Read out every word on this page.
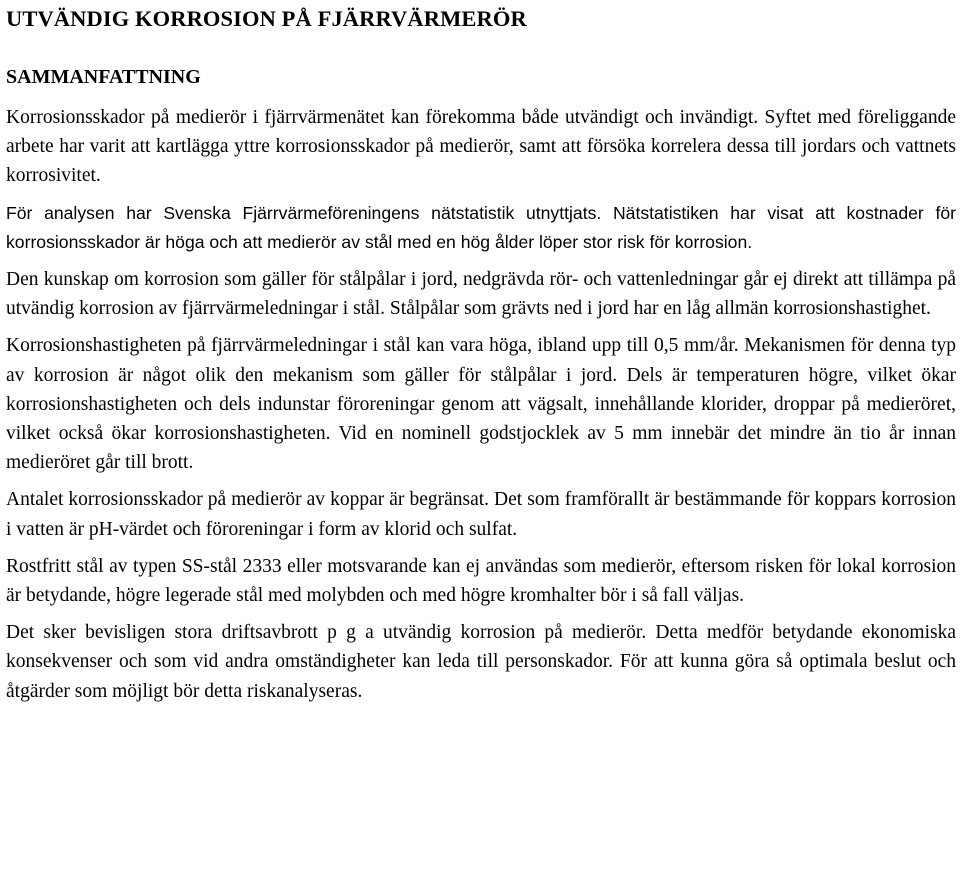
UTVÄNDIG KORROSION PÅ FJÄRRVÄRMERÖR
SAMMANFATTNING

Korrosionsskador på medierör i fjärrvärmenätet kan förekomma både utvändigt och invändigt. Syftet med föreliggande arbete har varit att kartlägga yttre korrosionsskador på medierör, samt att försöka korrelera dessa till jordars och vattnets korrosivitet.

För analysen har Svenska Fjärrvärmeföreningens nätstatistik utnyttjats. Nätstatistiken har visat att kostnader för korrosionsskador är höga och att medierör av stål med en hög ålder löper stor risk för korrosion.

Den kunskap om korrosion som gäller för stålpålar i jord, nedgrävda rör- och vattenledningar går ej direkt att tillämpa på utvändig korrosion av fjärrvärmeledningar i stål. Stålpålar som grävts ned i jord har en låg allmän korrosionshastighet.

Korrosionshastigheten på fjärrvärmeledningar i stål kan vara höga, ibland upp till 0,5 mm/år. Mekanismen för denna typ av korrosion är något olik den mekanism som gäller för stålpålar i jord. Dels är temperaturen högre, vilket ökar korrosionshastigheten och dels indunstar föroreningar genom att vägsalt, innehållande klorider, droppar på medieröret, vilket också ökar korrosionshastigheten. Vid en nominell godstjocklek av 5 mm innebär det mindre än tio år innan medieröret går till brott.

Antalet korrosionsskador på medierör av koppar är begränsat. Det som framförallt är bestämmande för koppars korrosion i vatten är pH-värdet och föroreningar i form av klorid och sulfat.

Rostfritt stål av typen SS-stål 2333 eller motsvarande kan ej användas som medierör, eftersom risken för lokal korrosion är betydande, högre legerade stål med molybden och med högre kromhalter bör i så fall väljas.

Det sker bevisligen stora driftsavbrott p g a utvändig korrosion på medierör. Detta medför betydande ekonomiska konsekvenser och som vid andra omständigheter kan leda till personskador. För att kunna göra så optimala beslut och åtgärder som möjligt bör detta riskanalyseras.
